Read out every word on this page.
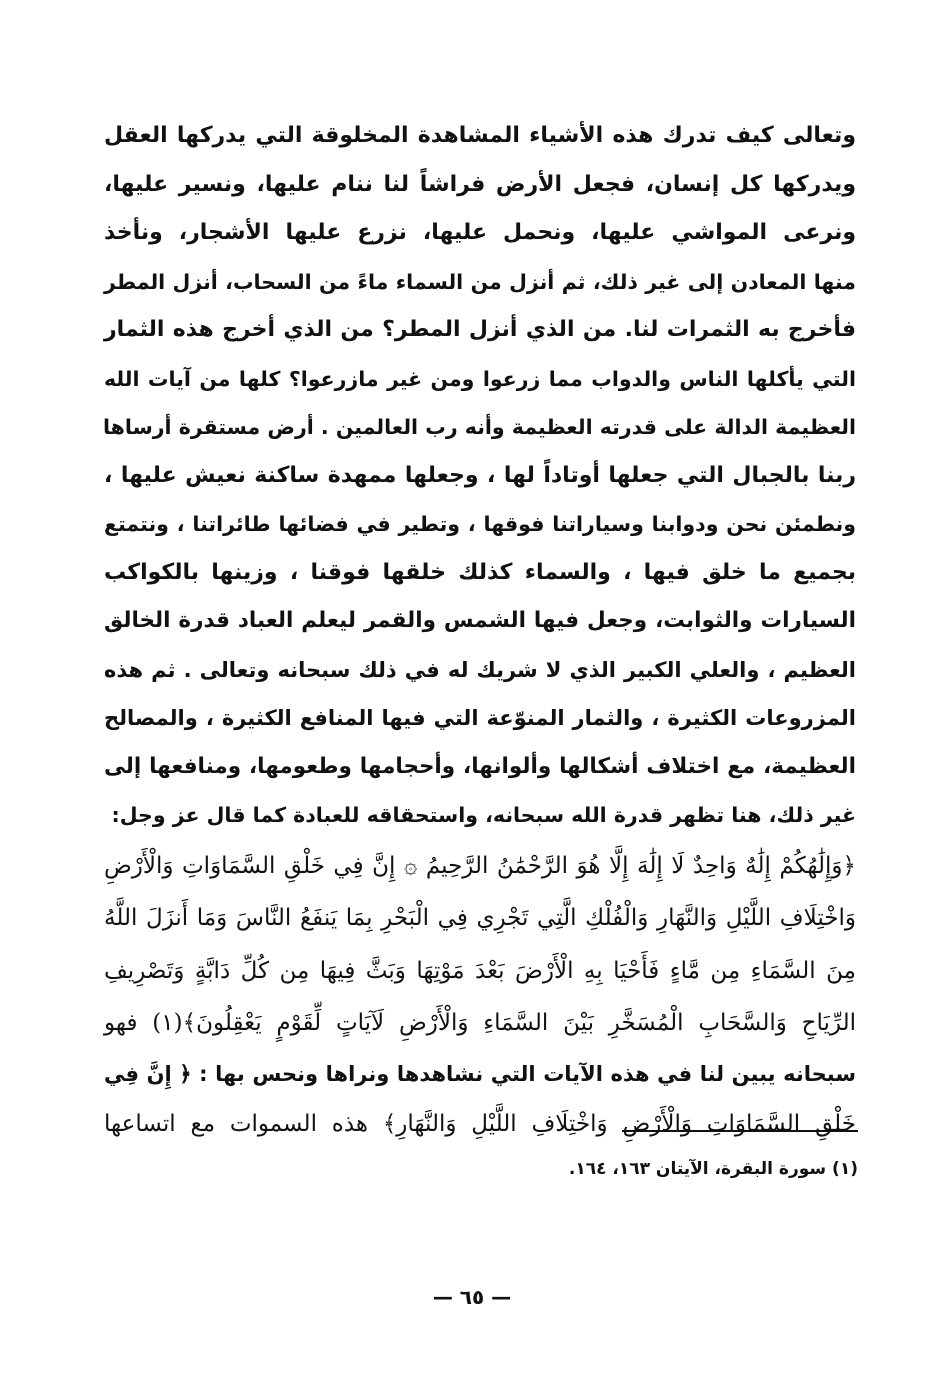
وتعالى كيف تدرك هذه الأشياء المشاهدة المخلوقة التي يدركها العقل
ويدركها كل إنسان، فجعل الأرض فراشاً لنا ننام عليها، ونسير عليها،
ونرعى المواشي عليها، ونحمل عليها، نزرع عليها الأشجار، ونأخذ
منها المعادن إلى غير ذلك، ثم أنزل من السماء ماءً من السحاب، أنزل المطر
فأخرج به الثمرات لنا. من الذي أنزل المطر؟ من الذي أخرج هذه الثمار
التي يأكلها الناس والدواب مما زرعوا ومن غير مازرعوا؟ كلها من آيات الله
العظيمة الدالة على قدرته العظيمة وأنه رب العالمين . أرض مستقرة أرساها
ربنا بالجبال التي جعلها أوتاداً لها ، وجعلها ممهدة ساكنة نعيش عليها ،
ونطمئن نحن ودوابنا وسياراتنا فوقها ، وتطير في فضائها طائراتنا ، ونتمتع
بجميع ما خلق فيها ، والسماء كذلك خلقها فوقنا ، وزينها بالكواكب
السيارات والثوابت، وجعل فيها الشمس والقمر ليعلم العباد قدرة الخالق
العظيم ، والعلي الكبير الذي لا شريك له في ذلك سبحانه وتعالى . ثم هذه
المزروعات الكثيرة ، والثمار المنوّعة التي فيها المنافع الكثيرة ، والمصالح
العظيمة، مع اختلاف أشكالها وألوانها، وأحجامها وطعومها، ومنافعها إلى
غير ذلك، هنا تظهر قدرة الله سبحانه، واستحقاقه للعبادة كما قال عز وجل:
﴿وَإِلَٰهُكُمْ إِلَٰهٌ وَاحِدٌ لَا إِلَٰهَ إِلَّا هُوَ الرَّحْمَٰنُ الرَّحِيمُ ۞ إِنَّ فِي خَلْقِ السَّمَاوَاتِ وَالْأَرْضِ
وَاخْتِلَافِ اللَّيْلِ وَالنَّهَارِ وَالْفُلْكِ الَّتِي تَجْرِي فِي الْبَحْرِ بِمَا يَنفَعُ النَّاسَ وَمَا أَنزَلَ اللَّهُ
مِنَ السَّمَاءِ مِن مَّاءٍ فَأَحْيَا بِهِ الْأَرْضَ بَعْدَ مَوْتِهَا وَبَثَّ فِيهَا مِن كُلِّ دَابَّةٍ وَتَصْرِيفِ
الرِّيَاحِ وَالسَّحَابِ الْمُسَخَّرِ بَيْنَ السَّمَاءِ وَالْأَرْضِ لَآيَاتٍ لِّقَوْمٍ يَعْقِلُونَ﴾(١) فهو
سبحانه يبين لنا في هذه الآيات التي نشاهدها ونراها ونحس بها : ﴿ إِنَّ فِي
خَلْقِ السَّمَاوَاتِ وَالْأَرْضِ وَاخْتِلَافِ اللَّيْلِ وَالنَّهَارِ﴾ هذه السموات مع اتساعها
(١) سورة البقرة، الآيتان ١٦٣، ١٦٤.
— ٦٥ —
